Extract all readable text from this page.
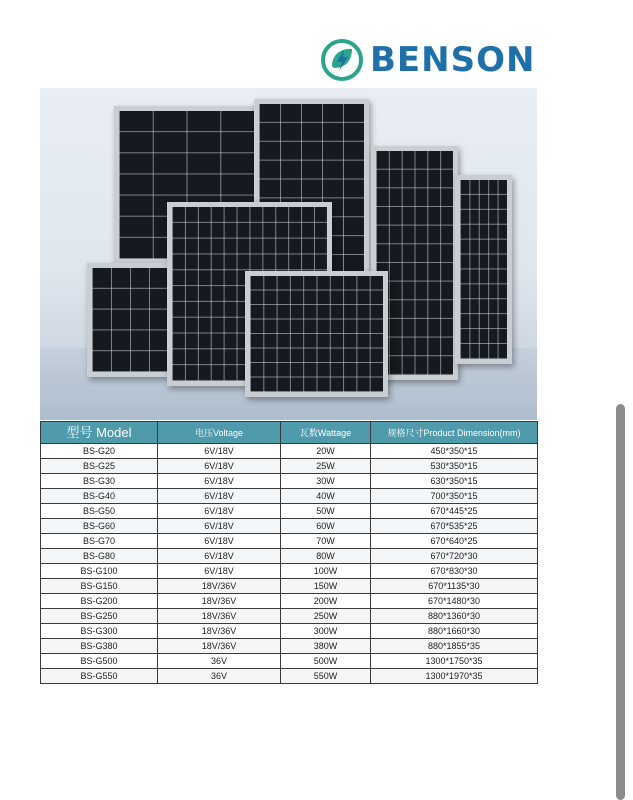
BENSON
型号 Model	电压Voltage	瓦数Wattage	规格尺寸Product Dimension(mm)
BS-G20	6V/18V	20W	450*350*15
BS-G25	6V/18V	25W	530*350*15
BS-G30	6V/18V	30W	630*350*15
BS-G40	6V/18V	40W	700*350*15
BS-G50	6V/18V	50W	670*445*25
BS-G60	6V/18V	60W	670*535*25
BS-G70	6V/18V	70W	670*640*25
BS-G80	6V/18V	80W	670*720*30
BS-G100	6V/18V	100W	670*830*30
BS-G150	18V/36V	150W	670*1135*30
BS-G200	18V/36V	200W	670*1480*30
BS-G250	18V/36V	250W	880*1360*30
BS-G300	18V/36V	300W	880*1660*30
BS-G380	18V/36V	380W	880*1855*35
BS-G500	36V	500W	1300*1750*35
BS-G550	36V	550W	1300*1970*35
